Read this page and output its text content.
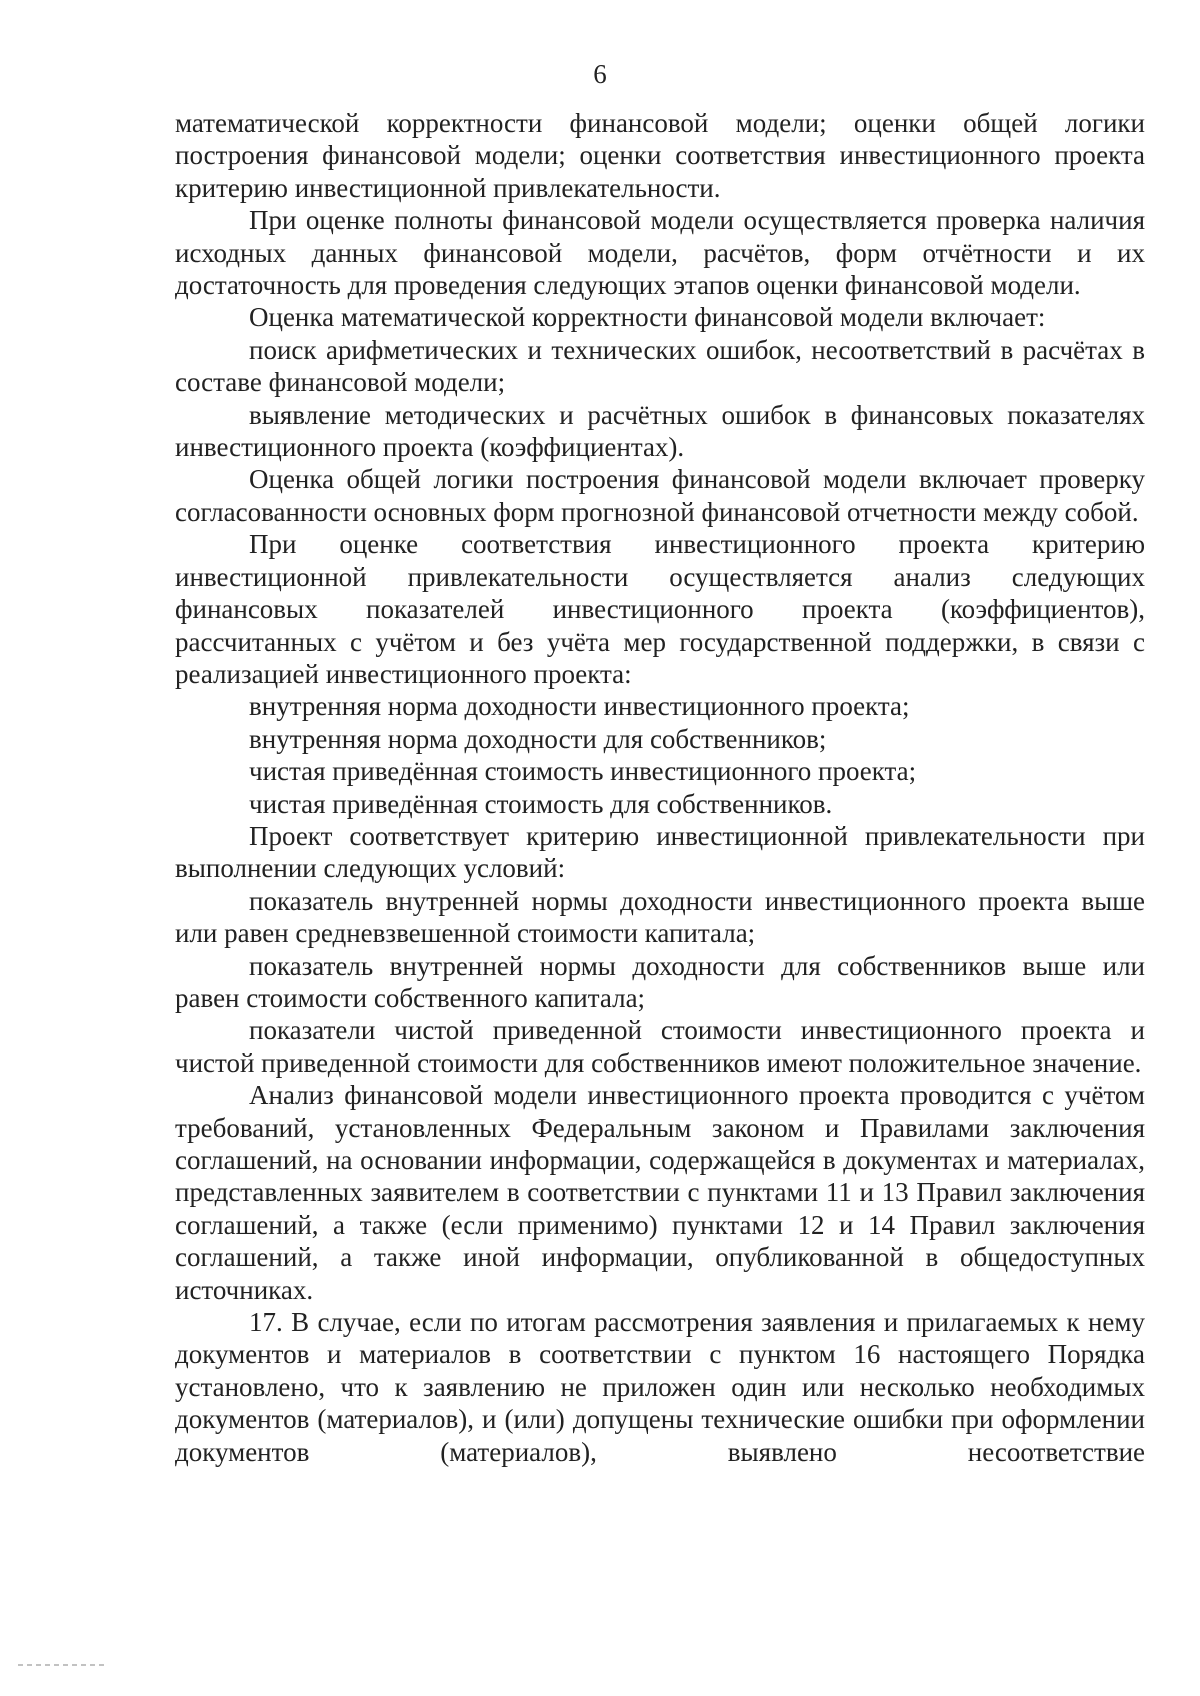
6

математической корректности финансовой модели; оценки общей логики построения финансовой модели; оценки соответствия инвестиционного проекта критерию инвестиционной привлекательности.

При оценке полноты финансовой модели осуществляется проверка наличия исходных данных финансовой модели, расчётов, форм отчётности и их достаточность для проведения следующих этапов оценки финансовой модели.

Оценка математической корректности финансовой модели включает:

поиск арифметических и технических ошибок, несоответствий в расчётах в составе финансовой модели;

выявление методических и расчётных ошибок в финансовых показателях инвестиционного проекта (коэффициентах).

Оценка общей логики построения финансовой модели включает проверку согласованности основных форм прогнозной финансовой отчетности между собой.

При оценке соответствия инвестиционного проекта критерию инвестиционной привлекательности осуществляется анализ следующих финансовых показателей инвестиционного проекта (коэффициентов), рассчитанных с учётом и без учёта мер государственной поддержки, в связи с реализацией инвестиционного проекта:

внутренняя норма доходности инвестиционного проекта;

внутренняя норма доходности для собственников;

чистая приведённая стоимость инвестиционного проекта;

чистая приведённая стоимость для собственников.

Проект соответствует критерию инвестиционной привлекательности при выполнении следующих условий:

показатель внутренней нормы доходности инвестиционного проекта выше или равен средневзвешенной стоимости капитала;

показатель внутренней нормы доходности для собственников выше или равен стоимости собственного капитала;

показатели чистой приведенной стоимости инвестиционного проекта и чистой приведенной стоимости для собственников имеют положительное значение.

Анализ финансовой модели инвестиционного проекта проводится с учётом требований, установленных Федеральным законом и Правилами заключения соглашений, на основании информации, содержащейся в документах и материалах, представленных заявителем в соответствии с пунктами 11 и 13 Правил заключения соглашений, а также (если применимо) пунктами 12 и 14 Правил заключения соглашений, а также иной информации, опубликованной в общедоступных источниках.

17. В случае, если по итогам рассмотрения заявления и прилагаемых к нему документов и материалов в соответствии с пунктом 16 настоящего Порядка установлено, что к заявлению не приложен один или несколько необходимых документов (материалов), и (или) допущены технические ошибки при оформлении документов (материалов), выявлено несоответствие
